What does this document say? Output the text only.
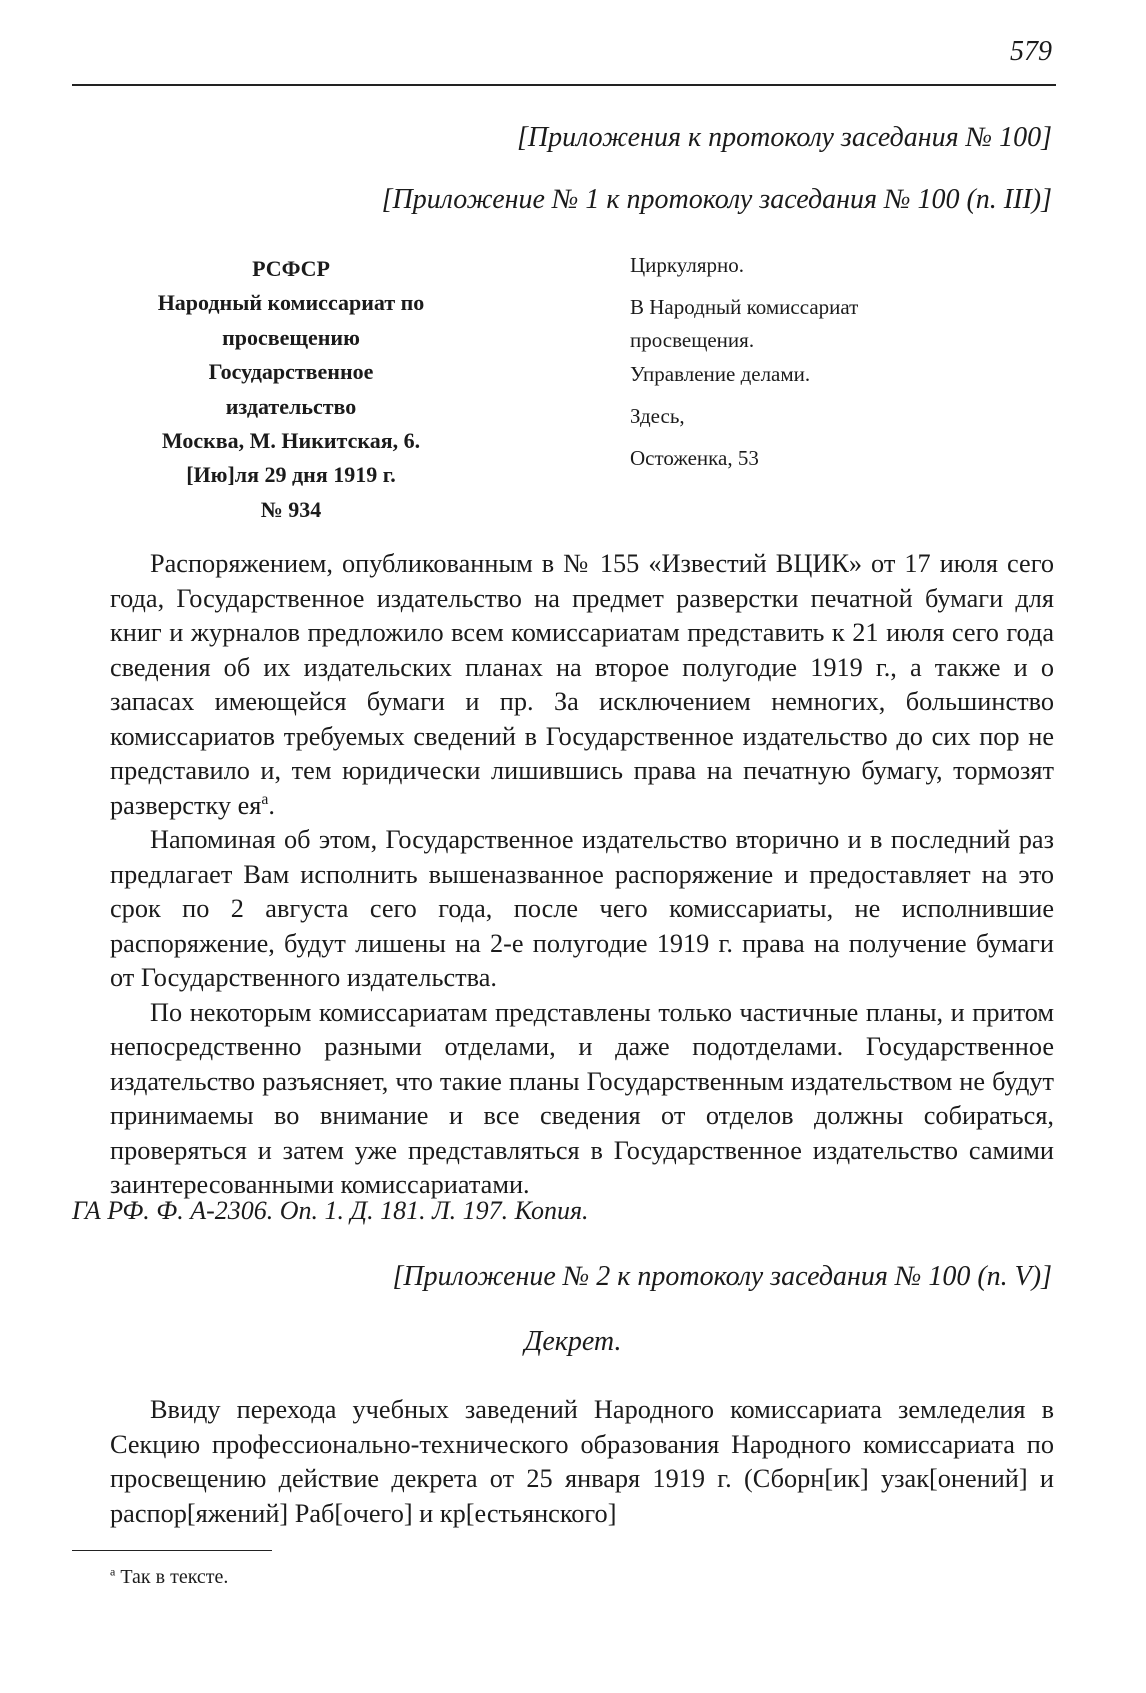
579
[Приложения к протоколу заседания № 100]
[Приложение № 1 к протоколу заседания № 100 (п. III)]
РСФСР
Народный комиссариат по
просвещению
Государственное
издательство
Москва, М. Никитская, 6.
[Ию]ля 29 дня 1919 г.
№ 934
Циркулярно.
В Народный комиссариат
просвещения.
Управление делами.
Здесь,
Остоженка, 53

Распоряжением, опубликованным в № 155 «Известий ВЦИК» от 17 июля сего года, Государственное издательство на предмет разверстки печатной бумаги для книг и журналов предложило всем комиссариатам представить к 21 июля сего года сведения об их издательских планах на второе полугодие 1919 г., а также и о запасах имеющейся бумаги и пр. За исключением немногих, большинство комиссариатов требуемых сведений в Государственное издательство до сих пор не представило и, тем юридически лишившись права на печатную бумагу, тормозят разверстку $ея^а$.

Напоминая об этом, Государственное издательство вторично и в последний раз предлагает Вам исполнить вышеназванное распоряжение и предоставляет на это срок по 2 августа сего года, после чего комиссариаты, не исполнившие распоряжение, будут лишены на 2-е полугодие 1919 г. права на получение бумаги от Государственного издательства.

По некоторым комиссариатам представлены только частичные планы, и притом непосредственно разными отделами, и даже подотделами. Государственное издательство разъясняет, что такие планы Государственным издательством не будут принимаемы во внимание и все сведения от отделов должны собираться, проверяться и затем уже представляться в Государственное издательство самими заинтересованными комиссариатами.

ГА РФ. Ф. А-2306. Оп. 1. Д. 181. Л. 197. Копия.
[Приложение № 2 к протоколу заседания № 100 (п. V)]
Декрет.

Ввиду перехода учебных заведений Народного комиссариата земледелия в Секцию профессионально-технического образования Народного комиссариата по просвещению действие декрета от 25 января 1919 г. (Сборн[ик] узак[онений] и распор[яжений] Раб[очего] и кр[естьянского]

$^а$ Так в тексте.
